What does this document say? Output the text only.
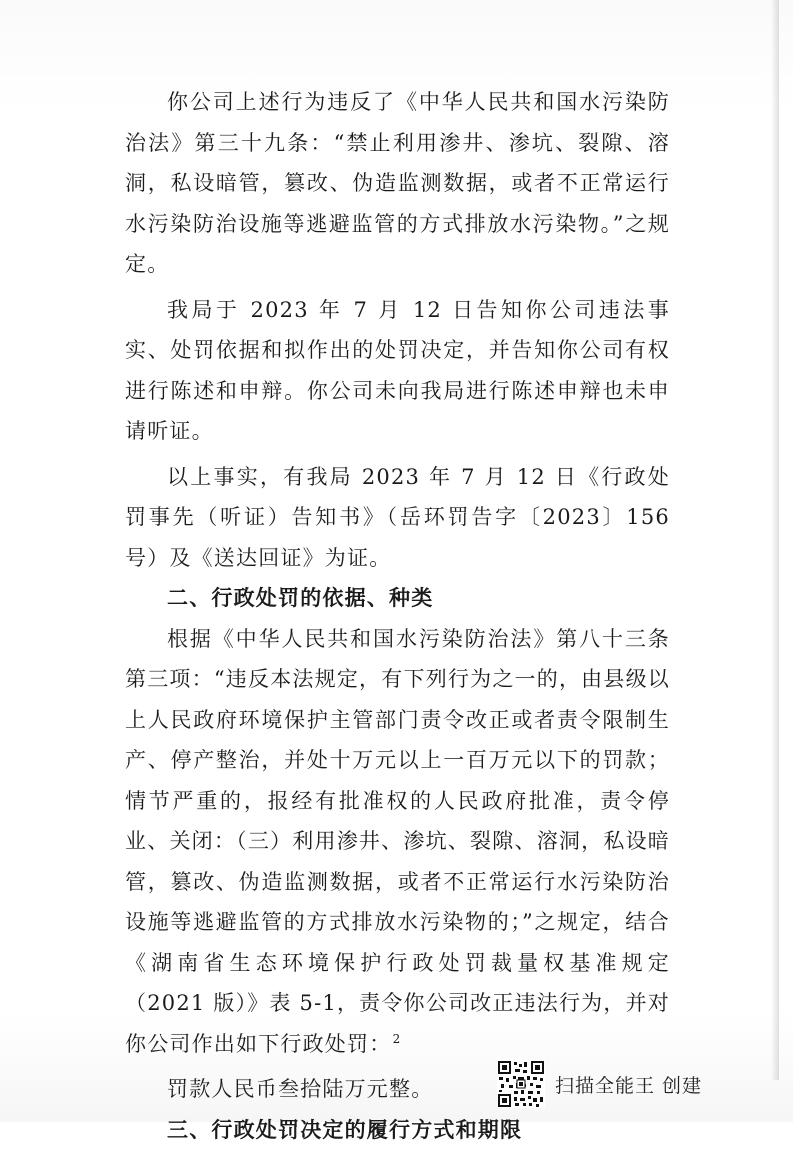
你公司上述行为违反了《中华人民共和国水污染防治法》第三十九条：“禁止利用渗井、渗坑、裂隙、溶洞，私设暗管，篡改、伪造监测数据，或者不正常运行水污染防治设施等逃避监管的方式排放水污染物。”之规定。

我局于 2023 年 7 月 12 日告知你公司违法事实、处罚依据和拟作出的处罚决定，并告知你公司有权进行陈述和申辩。你公司未向我局进行陈述申辩也未申请听证。

以上事实，有我局 2023 年 7 月 12 日《行政处罚事先（听证）告知书》（岳环罚告字〔2023〕156 号）及《送达回证》为证。

二、行政处罚的依据、种类

根据《中华人民共和国水污染防治法》第八十三条第三项：“违反本法规定，有下列行为之一的，由县级以上人民政府环境保护主管部门责令改正或者责令限制生产、停产整治，并处十万元以上一百万元以下的罚款；情节严重的，报经有批准权的人民政府批准，责令停业、关闭：（三）利用渗井、渗坑、裂隙、溶洞，私设暗管，篡改、伪造监测数据，或者不正常运行水污染防治设施等逃避监管的方式排放水污染物的；”之规定，结合《湖南省生态环境保护行政处罚裁量权基准规定（2021 版）》表 5-1，责令你公司改正违法行为，并对你公司作出如下行政处罚：

罚款人民币叁拾陆万元整。

三、行政处罚决定的履行方式和期限
2
扫描全能王 创建
